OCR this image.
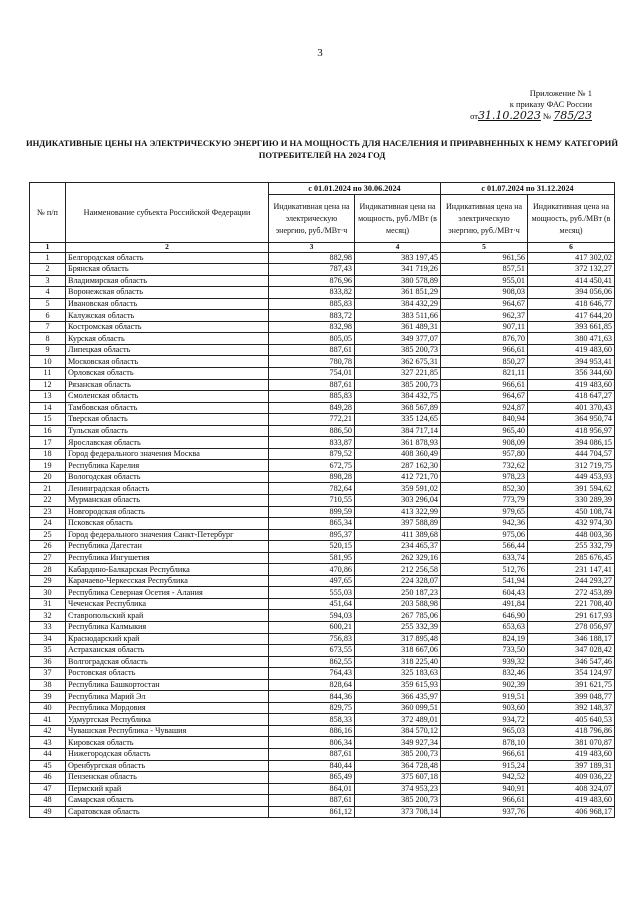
3
Приложение № 1
к приказу ФАС России
от31.10.2023 № 785/23
ИНДИКАТИВНЫЕ ЦЕНЫ НА ЭЛЕКТРИЧЕСКУЮ ЭНЕРГИЮ И НА МОЩНОСТЬ ДЛЯ НАСЕЛЕНИЯ И ПРИРАВНЕННЫХ К НЕМУ КАТЕГОРИЙ ПОТРЕБИТЕЛЕЙ НА 2024 ГОД
№ п/п	Наименование субъекта Российской Федерации	с 01.01.2024 по 30.06.2024		с 01.07.2024 по 31.12.2024	
		Индикативная цена на электрическую энергию, руб./МВт·ч	Индикативная цена на мощность, руб./МВт (в месяц)	Индикативная цена на электрическую энергию, руб./МВт·ч	Индикативная цена на мощность, руб./МВт (в месяц)
1	2	3	4	5	6
1	Белгородская область	882,98	383 197,45	961,56	417 302,02
2	Брянская область	787,43	341 719,26	857,51	372 132,27
3	Владимирская область	876,96	380 578,89	955,01	414 450,41
4	Воронежская область	833,82	361 851,29	908,03	394 056,06
5	Ивановская область	885,83	384 432,29	964,67	418 646,77
6	Калужская область	883,72	383 511,66	962,37	417 644,20
7	Костромская область	832,98	361 489,31	907,11	393 661,85
8	Курская область	805,05	349 377,07	876,70	380 471,63
9	Липецкая область	887,61	385 200,73	966,61	419 483,60
10	Московская область	780,78	362 675,31	850,27	394 953,41
11	Орловская область	754,01	327 221,85	821,11	356 344,60
12	Рязанская область	887,61	385 200,73	966,61	419 483,60
13	Смоленская область	885,83	384 432,75	964,67	418 647,27
14	Тамбовская область	849,28	368 567,89	924,87	401 370,43
15	Тверская область	772,21	335 124,65	840,94	364 950,74
16	Тульская область	886,50	384 717,14	965,40	418 956,97
17	Ярославская область	833,87	361 878,93	908,09	394 086,15
18	Город федерального значения Москва	879,52	408 360,49	957,80	444 704,57
19	Республика Карелия	672,75	287 162,30	732,62	312 719,75
20	Вологодская область	898,28	412 721,70	978,23	449 453,93
21	Ленинградская область	782,64	359 591,02	852,30	391 594,62
22	Мурманская область	710,55	303 296,04	773,79	330 289,39
23	Новгородская область	899,59	413 322,99	979,65	450 108,74
24	Псковская область	865,34	397 588,89	942,36	432 974,30
25	Город федерального значения Санкт-Петербург	895,37	411 389,68	975,06	448 003,36
26	Республика Дагестан	520,15	234 465,37	566,44	255 332,79
27	Республика Ингушетия	581,95	262 329,16	633,74	285 676,45
28	Кабардино-Балкарская Республика	470,86	212 256,58	512,76	231 147,41
29	Карачаево-Черкесская Республика	497,65	224 328,07	541,94	244 293,27
30	Республика Северная Осетия - Алания	555,03	250 187,23	604,43	272 453,89
31	Чеченская Республика	451,64	203 588,98	491,84	221 708,40
32	Ставропольский край	594,03	267 785,06	646,90	291 617,93
33	Республика Калмыкия	600,21	255 332,39	653,63	278 056,97
34	Краснодарский край	756,83	317 895,48	824,19	346 188,17
35	Астраханская область	673,55	318 667,06	733,50	347 028,42
36	Волгоградская область	862,55	318 225,40	939,32	346 547,46
37	Ростовская область	764,43	325 183,63	832,46	354 124,97
38	Республика Башкортостан	828,64	359 615,93	902,39	391 621,75
39	Республика Марий Эл	844,36	366 435,97	919,51	399 048,77
40	Республика Мордовия	829,75	360 099,51	903,60	392 148,37
41	Удмуртская Республика	858,33	372 489,01	934,72	405 640,53
42	Чувашская Республика - Чувашия	886,16	384 570,12	965,03	418 796,86
43	Кировская область	806,34	349 927,34	878,10	381 070,87
44	Нижегородская область	887,61	385 200,73	966,61	419 483,60
45	Оренбургская область	840,44	364 728,48	915,24	397 189,31
46	Пензенская область	865,49	375 607,18	942,52	409 036,22
47	Пермский край	864,01	374 953,23	940,91	408 324,07
48	Самарская область	887,61	385 200,73	966,61	419 483,60
49	Саратовская область	861,12	373 708,14	937,76	406 968,17
